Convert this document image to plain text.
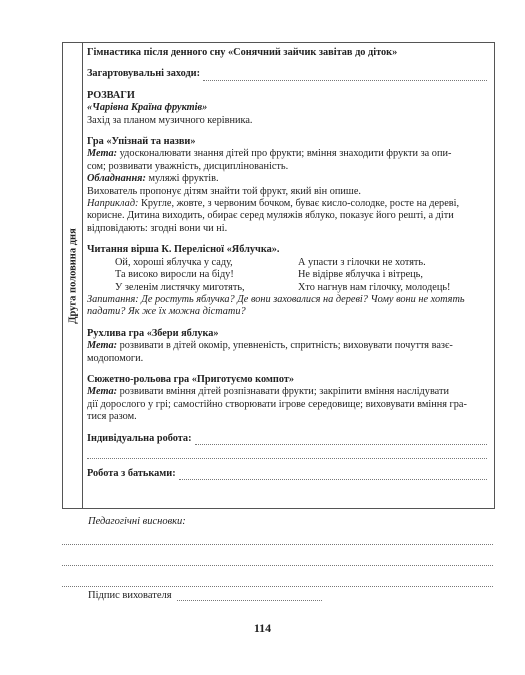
Друга половина дня
Гімнастика після денного сну «Сонячний зайчик завітав до діток»
Загартовувальні заходи:
РОЗВАГИ
«Чарівна Країна фруктів»
Захід за планом музичного керівника.
Гра «Упізнай та назви»
Мета: удосконалювати знання дітей про фрукти; вміння знаходити фрукти за опи-
сом; розвивати уважність, дисциплінованість.
Обладнання: муляжі фруктів.
Вихователь пропонує дітям знайти той фрукт, який він опише.
Наприклад: Кругле, жовте, з червоним бочком, буває кисло-солодке, росте на дереві,
корисне. Дитина виходить, обирає серед муляжів яблуко, показує його решті, а діти
відповідають: згодні вони чи ні.
Читання вірша К. Перелісної «Яблучка».
Ой, хороші яблучка у саду,
Та високо виросли на біду!
У зеленім листячку миготять,
А упасти з гілочки не хотять.
Не відірве яблучка і вітрець,
Хто нагнув нам гілочку, молодець!
Запитання: Де ростуть яблучка? Де вони заховалися на дереві? Чому вони не хотять
падати? Як же їх можна дістати?
Рухлива гра «Збери яблука»
Мета: розвивати в дітей окомір, упевненість, спритність; виховувати почуття вазє-
модопомоги.
Сюжетно-рольова гра «Приготуємо компот»
Мета: розвивати вміння дітей розпізнавати фрукти; закріпити вміння наслідувати
дії дорослого у грі; самостійно створювати ігрове середовище; виховувати вміння гра-
тися разом.
Індивідуальна робота:
Робота з батьками:
Педагогічні висновки:
Підпис вихователя
114
